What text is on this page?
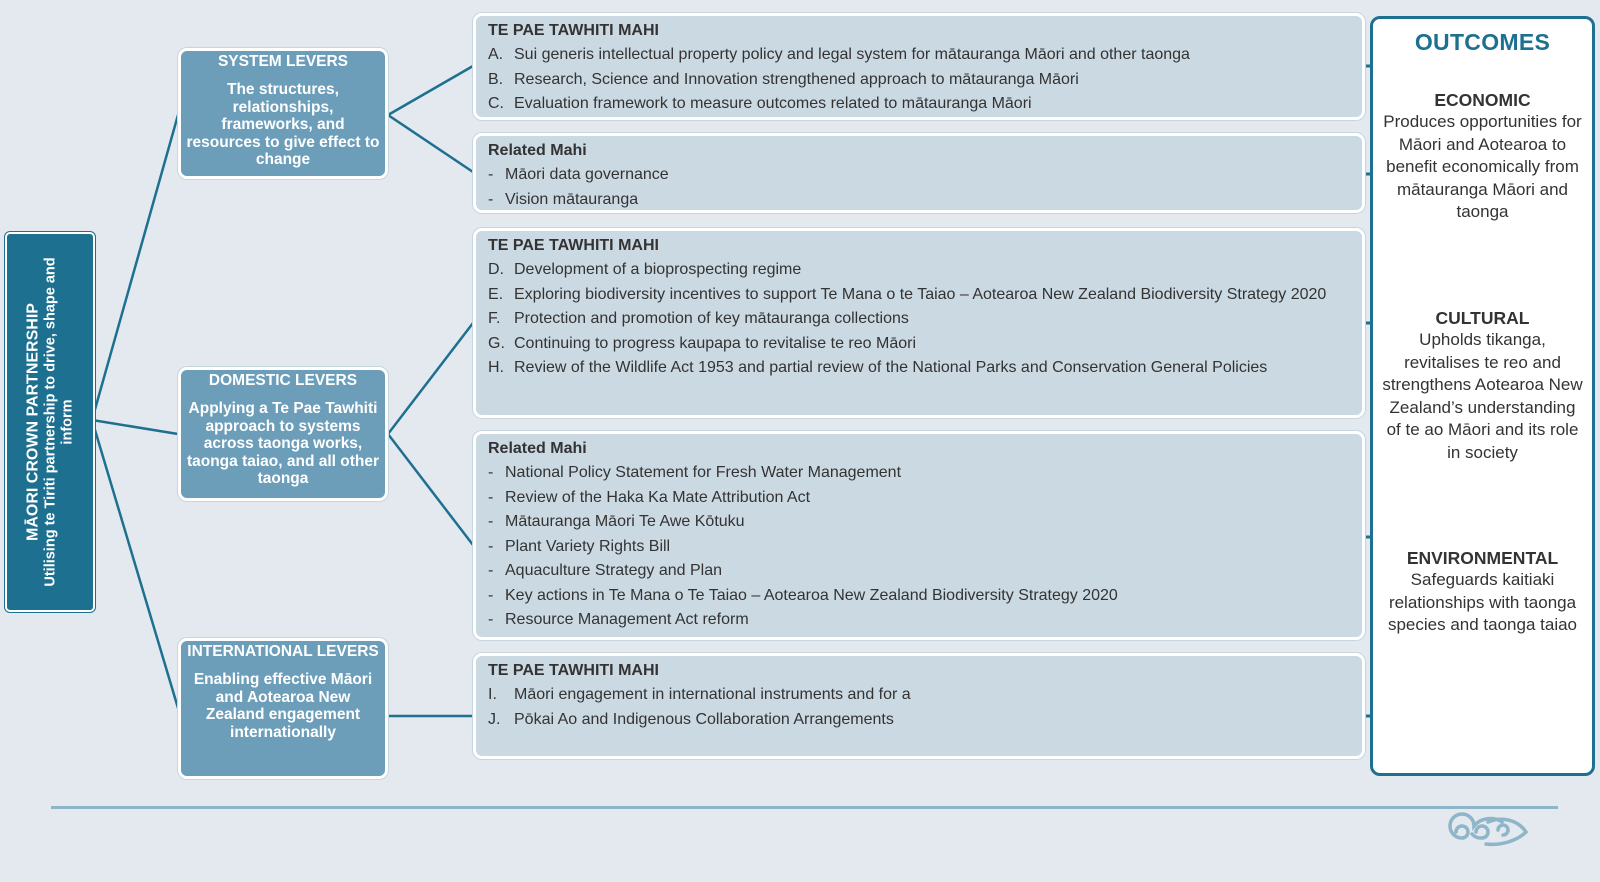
MĀORI CROWN PARTNERSHIP Utilising te Tiriti partnership to drive, shape and inform
SYSTEM LEVERS
The structures, relationships, frameworks, and resources to give effect to change
DOMESTIC LEVERS
Applying a Te Pae Tawhiti approach to systems across taonga works, taonga taiao, and all other taonga
INTERNATIONAL LEVERS
Enabling effective Māori and Aotearoa New Zealand engagement internationally
TE PAE TAWHITI MAHI
A. Sui generis intellectual property policy and legal system for mātauranga Māori and other taonga
B. Research, Science and Innovation strengthened approach to mātauranga Māori
C. Evaluation framework to measure outcomes related to mātauranga Māori
Related Mahi
- Māori data governance
- Vision mātauranga
TE PAE TAWHITI MAHI
D. Development of a bioprospecting regime
E. Exploring biodiversity incentives to support Te Mana o te Taiao – Aotearoa New Zealand Biodiversity Strategy 2020
F. Protection and promotion of key mātauranga collections
G. Continuing to progress kaupapa to revitalise te reo Māori
H. Review of the Wildlife Act 1953 and partial review of the National Parks and Conservation General Policies
Related Mahi
- National Policy Statement for Fresh Water Management
- Review of the Haka Ka Mate Attribution Act
- Mātauranga Māori Te Awe Kōtuku
- Plant Variety Rights Bill
- Aquaculture Strategy and Plan
- Key actions in Te Mana o Te Taiao – Aotearoa New Zealand Biodiversity Strategy 2020
- Resource Management Act reform
TE PAE TAWHITI MAHI
I.	Māori engagement in international instruments and for a
J. Pōkai Ao and Indigenous Collaboration Arrangements
OUTCOMES
ECONOMIC
Produces opportunities for Māori and Aotearoa to benefit economically from mātauranga Māori and taonga
CULTURAL
Upholds tikanga, revitalises te reo and strengthens Aotearoa New Zealand’s understanding of te ao Māori and its role in society
ENVIRONMENTAL
Safeguards kaitiaki relationships with taonga species and taonga taiao
